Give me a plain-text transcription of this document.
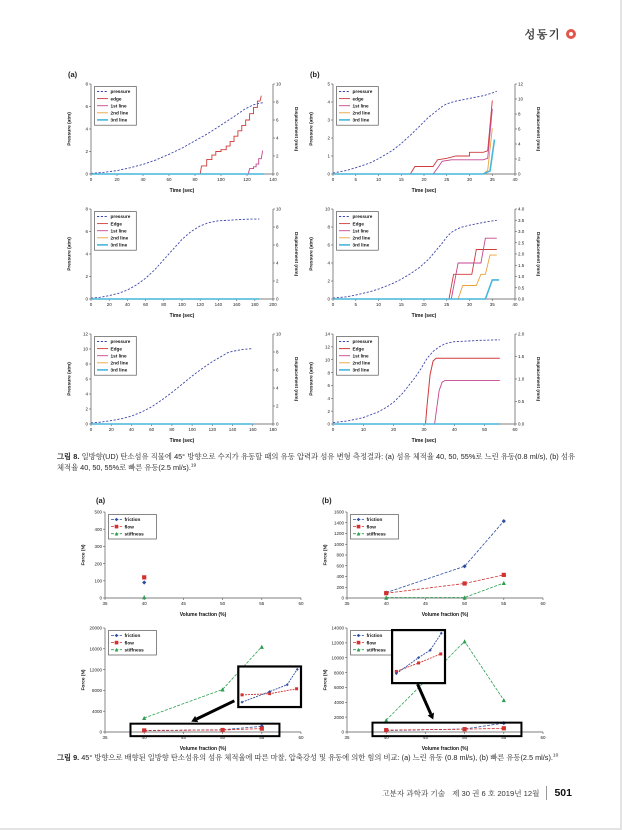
성동기
(a)	(b)
0	20	40	60	80	100	120	140
0
2
4
6
8
0
2
4
6
8
10
Time (sec)
Pressure (atm)	Displacement (mm)
pressure
edge
1st line
2nd line
3rd line
0	5	10	15	20	25	30	35	40
0
1
2
3
4
5
0
2
4
6
8
10
12
Time (sec)
Pressure (atm)	Displacement (mm)
pressure
edge
1st line
2nd line
3rd line
0	20	40	60	80	100 120 140 160 180 200
0
2
4
6
8
0
2
4
6
8
10
Time (sec)
Pressure (atm)	Displacement (mm)
pressure
Edge
1st line
2nd line
3rd line
0	5	10	15	20	25	30	35	40
0
2
4
6
8
10
0.0
0.5
1.0
1.5
2.0
2.5
3.0
3.5
4.0
Time (sec)
Pressure (atm)	Displacement (mm)
pressure
Edge
1st line
2nd line
3rd line
0	20	40	60	80	100	120	140	160	180
0
2
4
6
8
10
12
0
2
4
6
8
10
Time (sec)
Pressure (atm)	Displacement (mm)
pressure
Edge
1st line
2nd line
3rd line
0	10	20	30	40	50	60
0
2
4
6
8
10
12
14
0.0
0.5
1.0
1.5
2.0
Time (sec)
Pressure (atm)	Displacement (mm)
pressure
Edge
1st line
2nd line
3rd line

그림 8. 일방향(UD) 탄소섬유 직물에 45° 방향으로 수지가 유동할 때의 유동 압력과 섬유 변형 측정결과: (a) 섬유 체적율 40, 50, 55%로 느린 유동(0.8 ml/s), (b) 섬유 체적율 40, 50, 55%로 빠른 유동(2.5 ml/s).$^{19}$

(a)	(b)
35	40	45	50	55	60
0
100
200
300
400
500
Volume fraction (%)
Force (N)
friction
flow
stiffness
35	40	45	50	55	60
0
200
400
600
800
1000
1200
1400
1600
Volume fraction (%)
Force (N)
friction
flow
stiffness
35	40	45	50	55	60
0
4000
8000
12000
16000
20000
Volume fraction (%)
Force (N)
friction
flow
stiffness
35	40	45	50	55	60
0
2000
4000
6000
8000
10000
12000
14000
Volume fraction (%)
Force (N)
friction
flow
stiffness

그림 9. 45° 방향으로 배향된 일방향 탄소섬유의 섬유 체적율에 따른 마찰, 압축강성 및 유동에 의한 힘의 비교: (a) 느린 유동 (0.8 ml/s), (b) 빠른 유동(2.5 ml/s).$^{10}$

고분자 과학과 기술 제 30 권 6 호 2019년 12월 501
